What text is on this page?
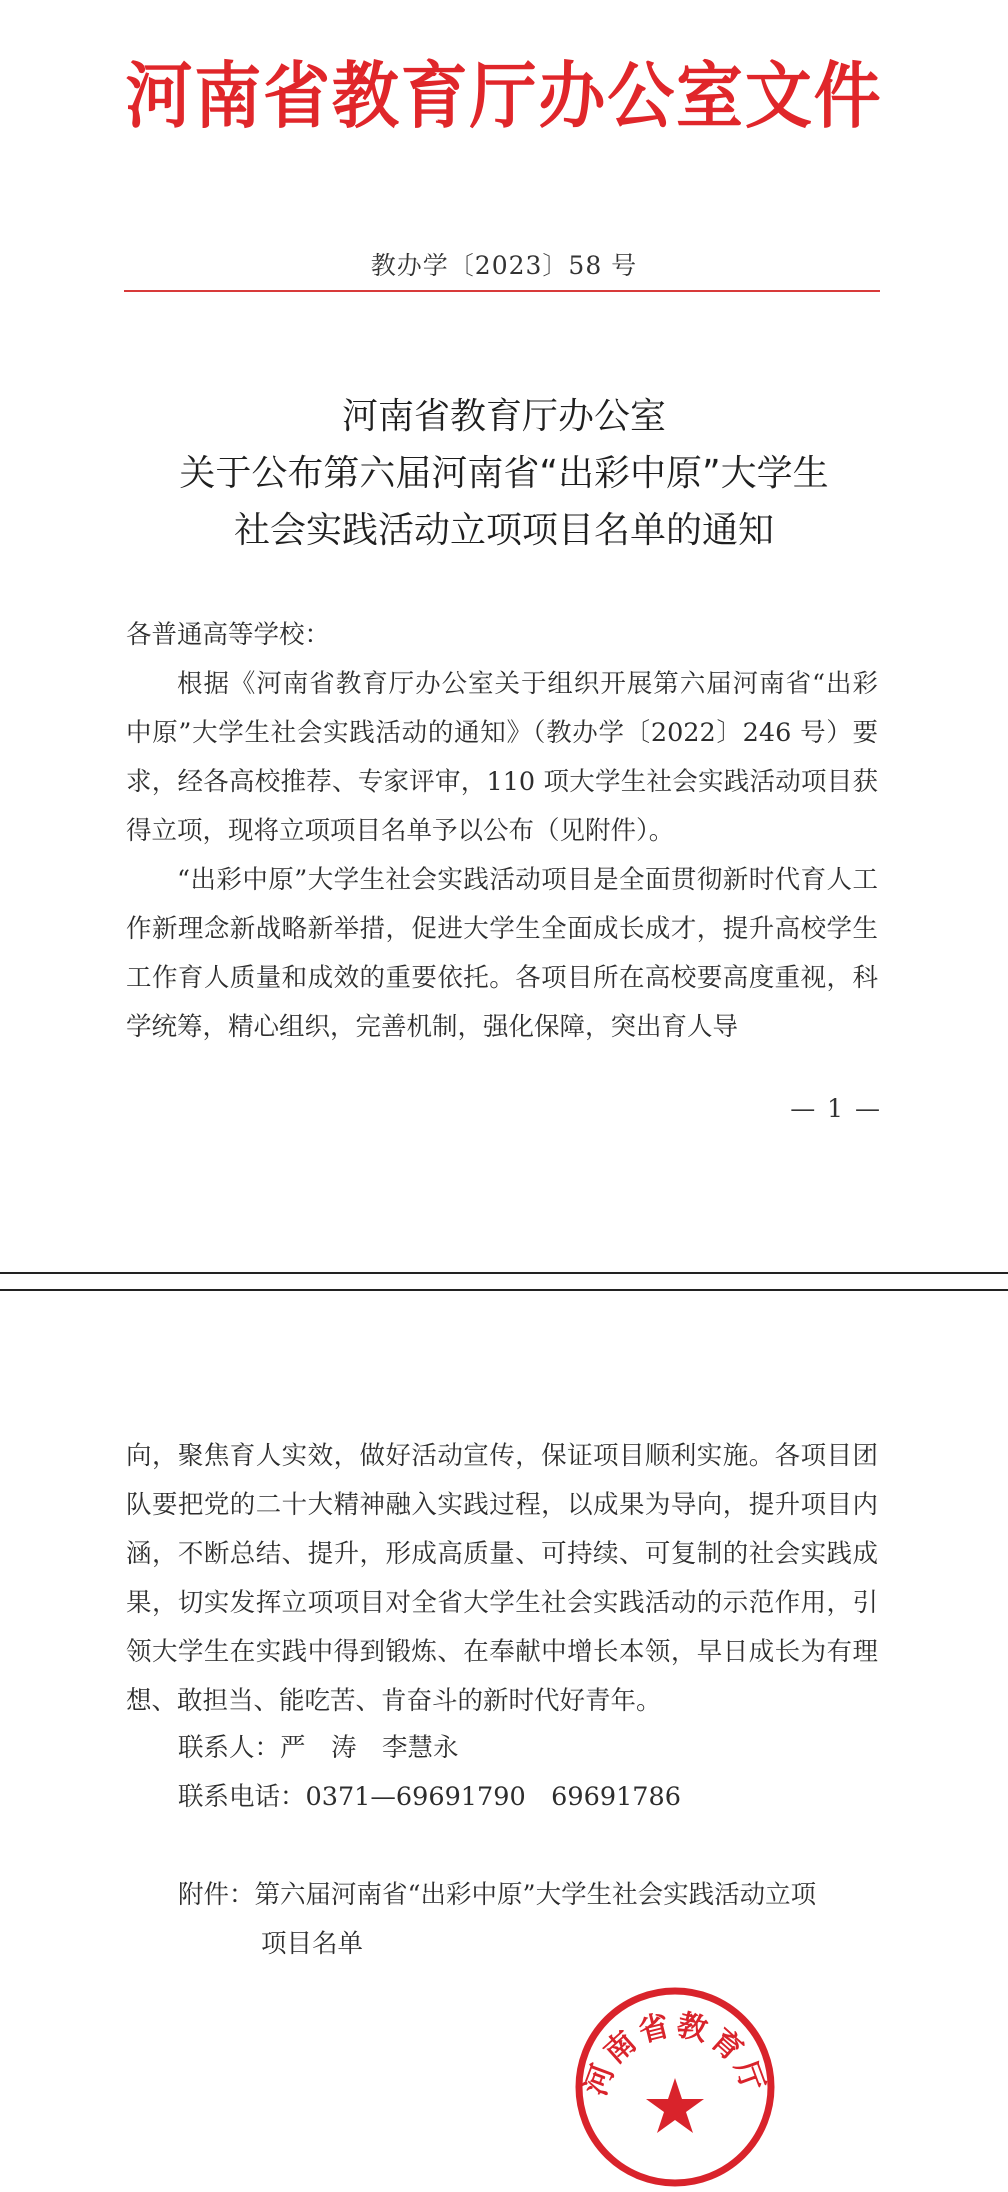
河南省教育厅办公室文件
教办学〔2023〕58 号
河南省教育厅办公室
关于公布第六届河南省“出彩中原”大学生
社会实践活动立项项目名单的通知
各普通高等学校：
根据《河南省教育厅办公室关于组织开展第六届河南省“出彩中原”大学生社会实践活动的通知》（教办学〔2022〕246 号）要求，经各高校推荐、专家评审，110 项大学生社会实践活动项目获得立项，现将立项项目名单予以公布（见附件）。
“出彩中原”大学生社会实践活动项目是全面贯彻新时代育人工作新理念新战略新举措，促进大学生全面成长成才，提升高校学生工作育人质量和成效的重要依托。各项目所在高校要高度重视，科学统筹，精心组织，完善机制，强化保障，突出育人导
— 1 —
向，聚焦育人实效，做好活动宣传，保证项目顺利实施。各项目团队要把党的二十大精神融入实践过程，以成果为导向，提升项目内涵，不断总结、提升，形成高质量、可持续、可复制的社会实践成果，切实发挥立项项目对全省大学生社会实践活动的示范作用，引领大学生在实践中得到锻炼、在奉献中增长本领，早日成长为有理想、敢担当、能吃苦、肯奋斗的新时代好青年。
联系人：严　涛　李慧永
联系电话：0371—69691790　69691786
附件：第六届河南省“出彩中原”大学生社会实践活动立项
项目名单
河南省教育厅
